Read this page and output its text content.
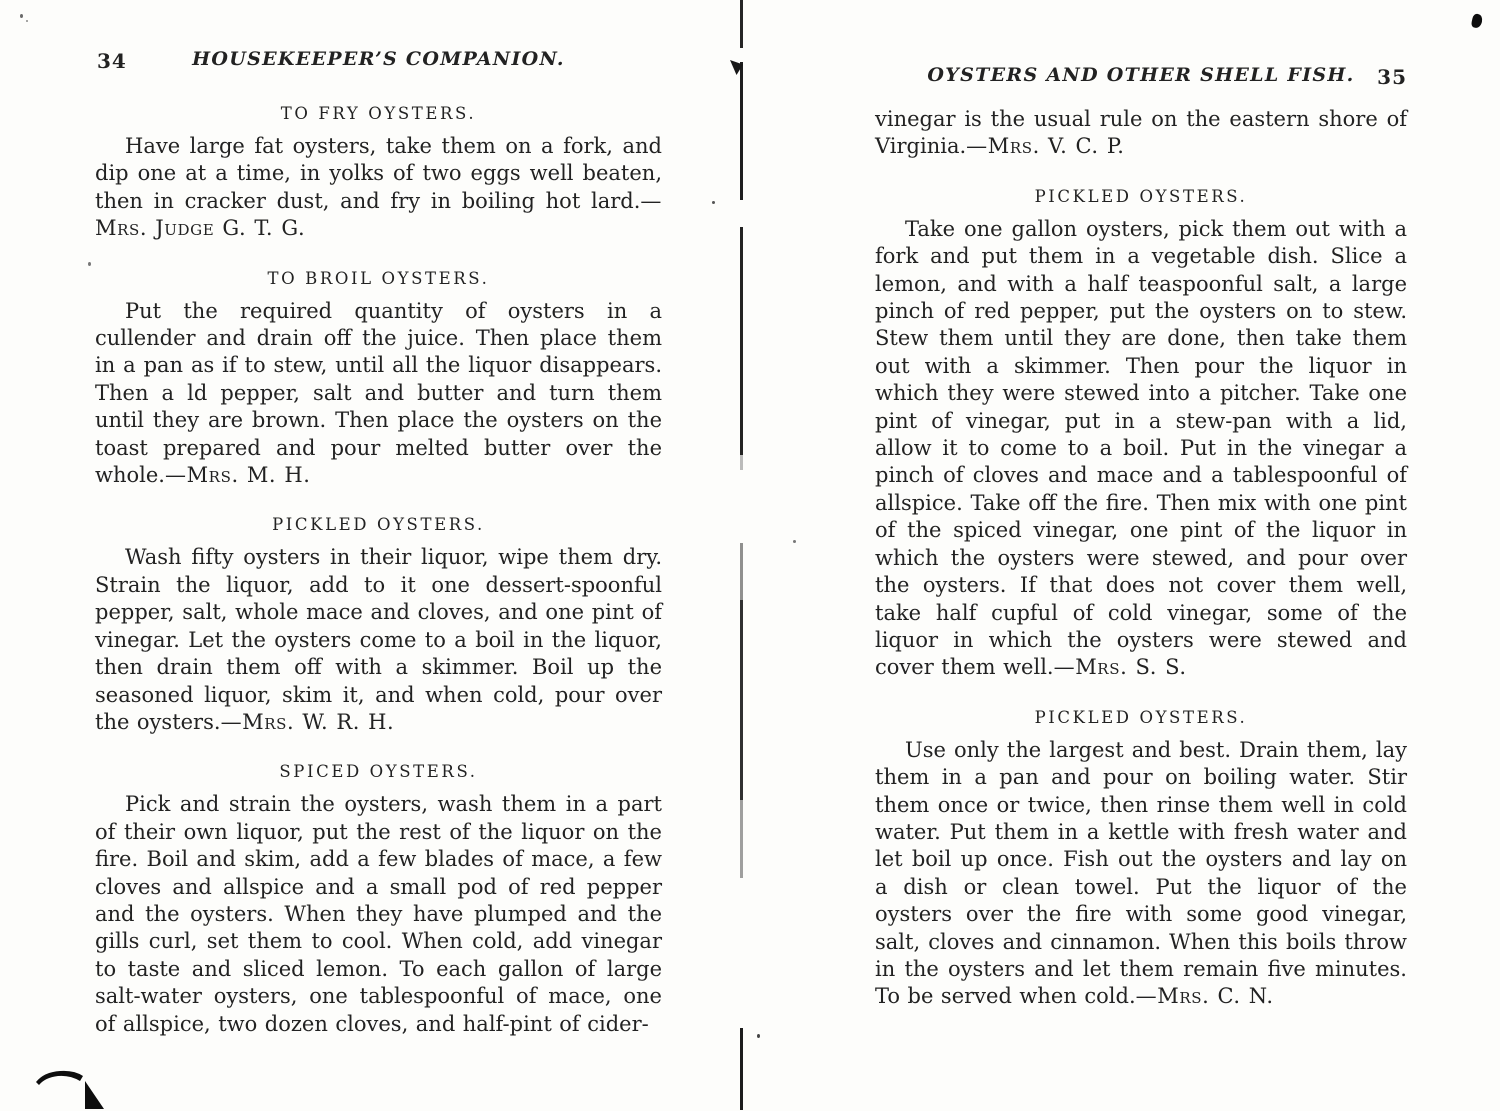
34	HOUSEKEEPER’S COMPANION.
TO FRY OYSTERS.

Have large fat oysters, take them on a fork, and dip one at a time, in yolks of two eggs well beaten, then in cracker dust, and fry in boiling hot lard.—Mrs. Judge G. T. G.

TO BROIL OYSTERS.

Put the required quantity of oysters in a cullender and drain off the juice. Then place them in a pan as if to stew, until all the liquor disappears. Then a ld pepper, salt and butter and turn them until they are brown. Then place the oysters on the toast prepared and pour melted butter over the whole.—Mrs. M. H.

PICKLED OYSTERS.

Wash fifty oysters in their liquor, wipe them dry. Strain the liquor, add to it one dessert-spoonful pepper, salt, whole mace and cloves, and one pint of vinegar. Let the oysters come to a boil in the liquor, then drain them off with a skimmer. Boil up the seasoned liquor, skim it, and when cold, pour over the oysters.—Mrs. W. R. H.

SPICED OYSTERS.

Pick and strain the oysters, wash them in a part of their own liquor, put the rest of the liquor on the fire. Boil and skim, add a few blades of mace, a few cloves and allspice and a small pod of red pepper and the oysters. When they have plumped and the gills curl, set them to cool. When cold, add vinegar to taste and sliced lemon. To each gallon of large salt-water oysters, one tablespoonful of mace, one of allspice, two dozen cloves, and half-pint of cider-

OYSTERS AND OTHER SHELL FISH.	35

vinegar is the usual rule on the eastern shore of Virginia.—Mrs. V. C. P.

PICKLED OYSTERS.

Take one gallon oysters, pick them out with a fork and put them in a vegetable dish. Slice a lemon, and with a half teaspoonful salt, a large pinch of red pepper, put the oysters on to stew. Stew them until they are done, then take them out with a skimmer. Then pour the liquor in which they were stewed into a pitcher. Take one pint of vinegar, put in a stew-pan with a lid, allow it to come to a boil. Put in the vinegar a pinch of cloves and mace and a tablespoonful of allspice. Take off the fire. Then mix with one pint of the spiced vinegar, one pint of the liquor in which the oysters were stewed, and pour over the oysters. If that does not cover them well, take half cupful of cold vinegar, some of the liquor in which the oysters were stewed and cover them well.—Mrs. S. S.

PICKLED OYSTERS.

Use only the largest and best. Drain them, lay them in a pan and pour on boiling water. Stir them once or twice, then rinse them well in cold water. Put them in a kettle with fresh water and let boil up once. Fish out the oysters and lay on a dish or clean towel. Put the liquor of the oysters over the fire with some good vinegar, salt, cloves and cinnamon. When this boils throw in the oysters and let them remain five minutes. To be served when cold.—Mrs. C. N.
